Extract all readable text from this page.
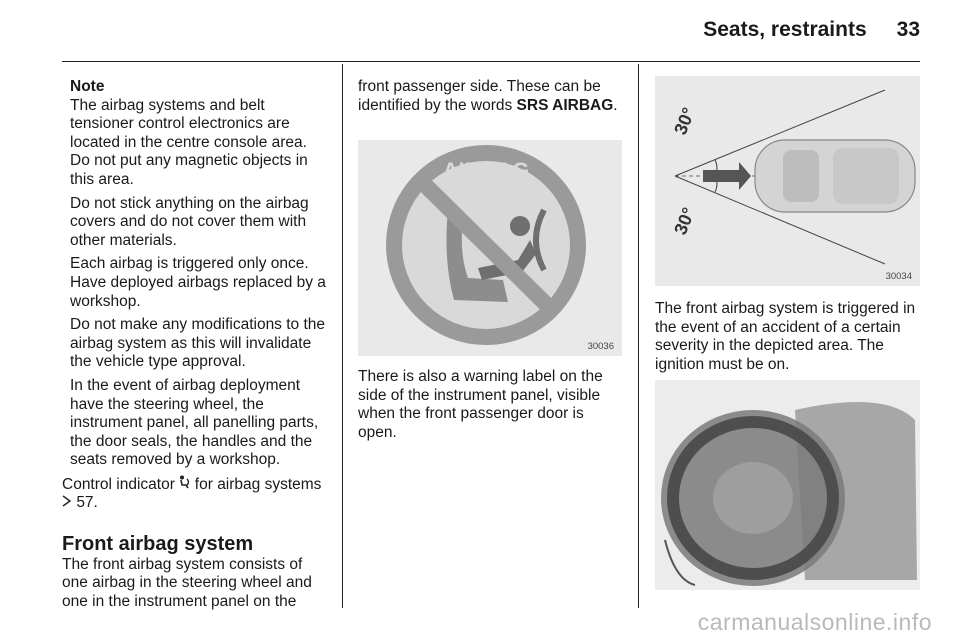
Seats, restraints 33
Note

The airbag systems and belt tensioner control electronics are located in the centre console area. Do not put any magnetic objects in this area.

Do not stick anything on the airbag covers and do not cover them with other materials.

Each airbag is triggered only once. Have deployed airbags replaced by a workshop.

Do not make any modifications to the airbag system as this will invalidate the vehicle type approval.

In the event of airbag deployment have the steering wheel, the instrument panel, all panelling parts, the door seals, the handles and the seats removed by a workshop.

Control indicator for airbag systems
57.

Front airbag system

The front airbag system consists of one airbag in the steering wheel and one in the instrument panel on the

front passenger side. These can be identified by the words SRS AIRBAG.

AIRBAG
30036

There is also a warning label on the side of the instrument panel, visible when the front passenger door is open.

30°
30°
30034

The front airbag system is triggered in the event of an accident of a certain severity in the depicted area. The ignition must be on.

carmanualsonline.info
